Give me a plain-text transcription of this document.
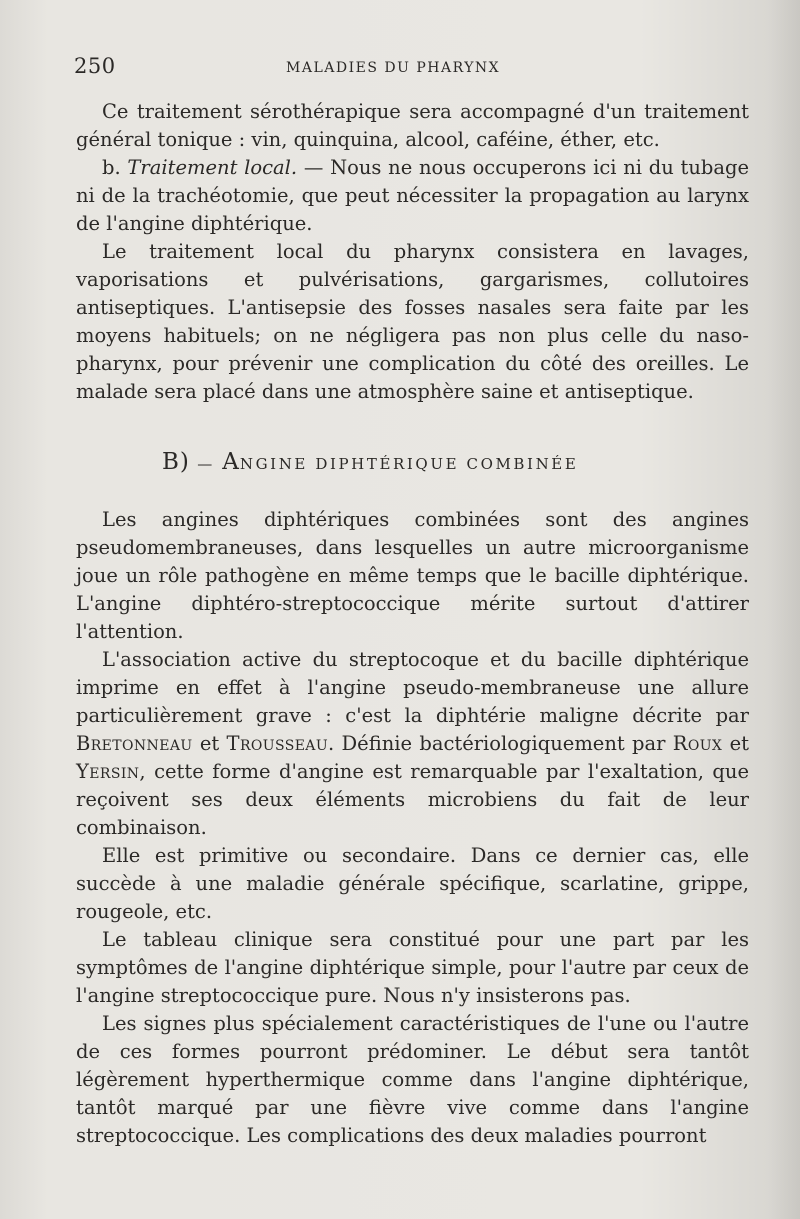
250	MALADIES DU PHARYNX

Ce traitement sérothérapique sera accompagné d'un traitement général tonique : vin, quinquina, alcool, caféine, éther, etc.

b. Traitement local. — Nous ne nous occuperons ici ni du tubage ni de la trachéotomie, que peut nécessiter la propagation au larynx de l'angine diphtérique.

Le traitement local du pharynx consistera en lavages, vaporisations et pulvérisations, gargarismes, collutoires antiseptiques. L'antisepsie des fosses nasales sera faite par les moyens habituels; on ne négligera pas non plus celle du naso-pharynx, pour prévenir une complication du côté des oreilles. Le malade sera placé dans une atmosphère saine et antiseptique.

B) — ANGINE DIPHTÉRIQUE COMBINÉE

Les angines diphtériques combinées sont des angines pseudomembraneuses, dans lesquelles un autre microorganisme joue un rôle pathogène en même temps que le bacille diphtérique. L'angine diphtéro-streptococcique mérite surtout d'attirer l'attention.

L'association active du streptocoque et du bacille diphtérique imprime en effet à l'angine pseudo-membraneuse une allure particulièrement grave : c'est la diphtérie maligne décrite par Bretonneau et Trousseau. Définie bactériologiquement par Roux et Yersin, cette forme d'angine est remarquable par l'exaltation, que reçoivent ses deux éléments microbiens du fait de leur combinaison.

Elle est primitive ou secondaire. Dans ce dernier cas, elle succède à une maladie générale spécifique, scarlatine, grippe, rougeole, etc.

Le tableau clinique sera constitué pour une part par les symptômes de l'angine diphtérique simple, pour l'autre par ceux de l'angine streptococcique pure. Nous n'y insisterons pas.

Les signes plus spécialement caractéristiques de l'une ou l'autre de ces formes pourront prédominer. Le début sera tantôt légèrement hyperthermique comme dans l'angine diphtérique, tantôt marqué par une fièvre vive comme dans l'angine streptococcique. Les complications des deux maladies pourront
